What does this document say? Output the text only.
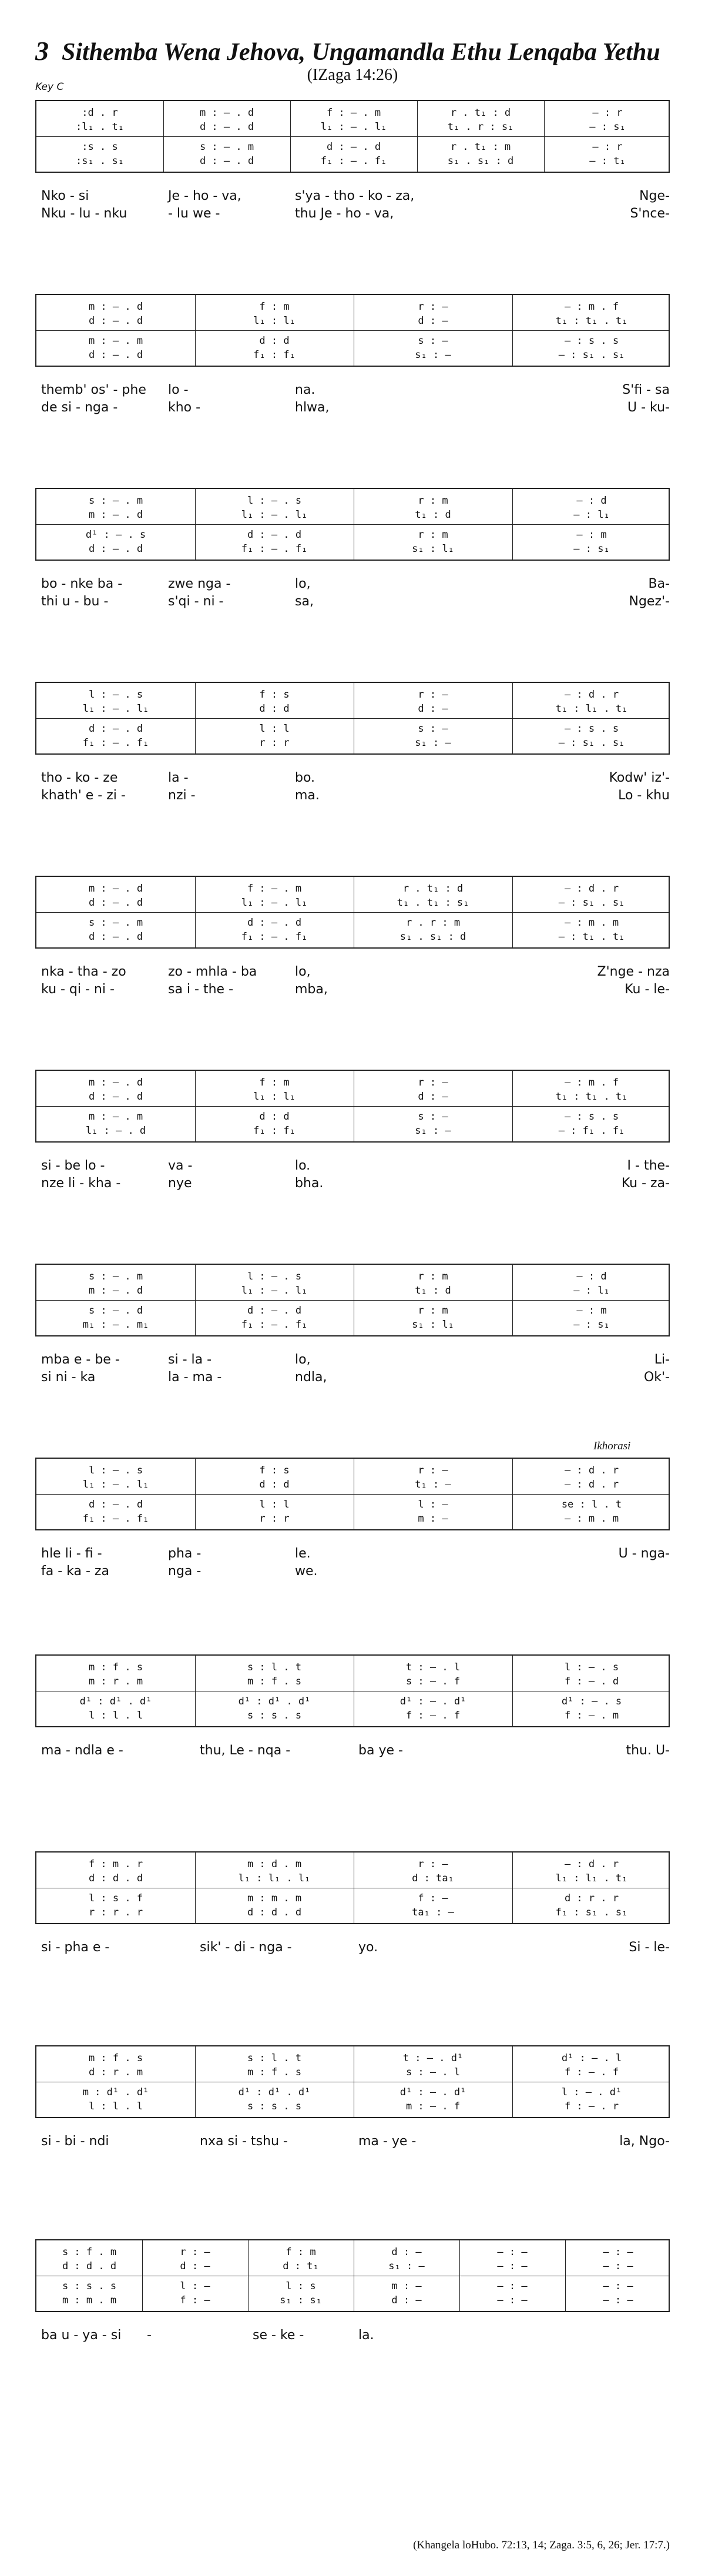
3 Sithemba Wena Jehova, Ungamandla Ethu Lenqaba Yethu
(IZaga 14:26)
Key C
:d . r	m : – . d	f : – . m	r . t₁ : d	— : r
:l₁ . t₁	d : – . d	l₁ : – . l₁	t₁ . r : s₁	— : s₁
:s . s	s : – . m	d : – . d	r . t₁ : m	— : r
:s₁ . s₁	d : – . d	f₁ : – . f₁	s₁ . s₁ : d	— : t₁
Nko - si	Je - ho - va,	s'ya - tho - ko - za,	Nge-
Nku - lu - nku	- lu we -	thu Je - ho - va,	S'nce-
m : – . d	f : m	r : —	— : m . f
d : – . d	l₁ : l₁	d : —	t₁ : t₁ . t₁
m : – . m	d : d	s : —	— : s . s
d : – . d	f₁ : f₁	s₁ : —	— : s₁ . s₁
themb' os' - phe lo -	na.	S'fi - sa
de si - nga -	kho -	hlwa,	U - ku-
s : – . m	l : – . s	r : m	— : d
m : – . d	l₁ : – . l₁	t₁ : d	— : l₁
d¹ : – . s	d : – . d	r : m	— : m
d : – . d	f₁ : – . f₁	s₁ : l₁	— : s₁
bo - nke ba -	zwe nga -	lo,	Ba-
thi u - bu -	s'qi - ni -	sa,	Ngez'-
l : – . s	f : s	r : —	— : d . r
l₁ : – . l₁	d : d	d : —	t₁ : l₁ . t₁
d : – . d	l : l	s : —	— : s . s
f₁ : – . f₁	r : r	s₁ : —	— : s₁ . s₁
tho - ko - ze	la -	bo.	Kodw' iz'-
khath' e - zi -	nzi -	ma.	Lo - khu
m : – . d	f : – . m	r . t₁ : d	— : d . r
d : – . d	l₁ : – . l₁	t₁ . t₁ : s₁	— : s₁ . s₁
s : – . m	d : – . d	r . r : m	— : m . m
d : – . d	f₁ : – . f₁	s₁ . s₁ : d	— : t₁ . t₁
nka - tha - zo	zo - mhla - ba	lo,	Z'nge - nza
ku - qi - ni -	sa i - the -	mba,	Ku - le-
m : – . d	f : m	r : —	— : m . f
d : – . d	l₁ : l₁	d : —	t₁ : t₁ . t₁
m : – . m	d : d	s : —	— : s . s
l₁ : – . d	f₁ : f₁	s₁ : —	— : f₁ . f₁
si - be lo -	va -	lo.	I - the-
nze li - kha -	nye	bha.	Ku - za-
s : – . m	l : – . s	r : m	— : d
m : – . d	l₁ : – . l₁	t₁ : d	— : l₁
s : – . d	d : – . d	r : m	— : m
m₁ : – . m₁	f₁ : – . f₁	s₁ : l₁	— : s₁
mba e - be -	si - la -	lo,	Li-
si ni - ka	la - ma -	ndla,	Ok'-
Ikhorasi
l : – . s	f : s	r : —	— : d . r
l₁ : – . l₁	d : d	t₁ : —	— : d . r
d : – . d	l : l	l : —	se : l . t
f₁ : – . f₁	r : r	m : —	— : m . m
hle li - fi -	pha -	le.	U - nga-
fa - ka - za	nga -	we.
m : f . s	s : l . t	t : – . l	l : – . s
m : r . m	m : f . s	s : – . f	f : – . d
d¹ : d¹ . d¹	d¹ : d¹ . d¹	d¹ : – . d¹	d¹ : – . s
l : l . l	s : s . s	f : – . f	f : – . m
ma - ndla e -	thu, Le - nqa -	ba ye -	thu. U-
f : m . r	m : d . m	r : —	— : d . r
d : d . d	l₁ : l₁ . l₁	d : ta₁	l₁ : l₁ . t₁
l : s . f	m : m . m	f : —	d : r . r
r : r . r	d : d . d	ta₁ : —	f₁ : s₁ . s₁
si - pha e -	sik' - di - nga -	yo.	Si - le-
m : f . s	s : l . t	t : – . d¹	d¹ : – . l
d : r . m	m : f . s	s : – . l	f : – . f
m : d¹ . d¹	d¹ : d¹ . d¹	d¹ : – . d¹	l : – . d¹
l : l . l	s : s . s	m : – . f	f : – . r
si - bi - ndi	nxa si - tshu -	ma - ye -	la, Ngo-
s : f . m	r : —	f : m	d : —	— : —	— : —
d : d . d	d : —	d : t₁	s₁ : —	— : —	— : —
s : s . s	l : —	l : s	m : —	— : —	— : —
m : m . m	f : —	s₁ : s₁	d : —	— : —	— : —
ba u - ya - si -	se - ke -	la.
(Khangela loHubo. 72:13, 14; Zaga. 3:5, 6, 26; Jer. 17:7.)
